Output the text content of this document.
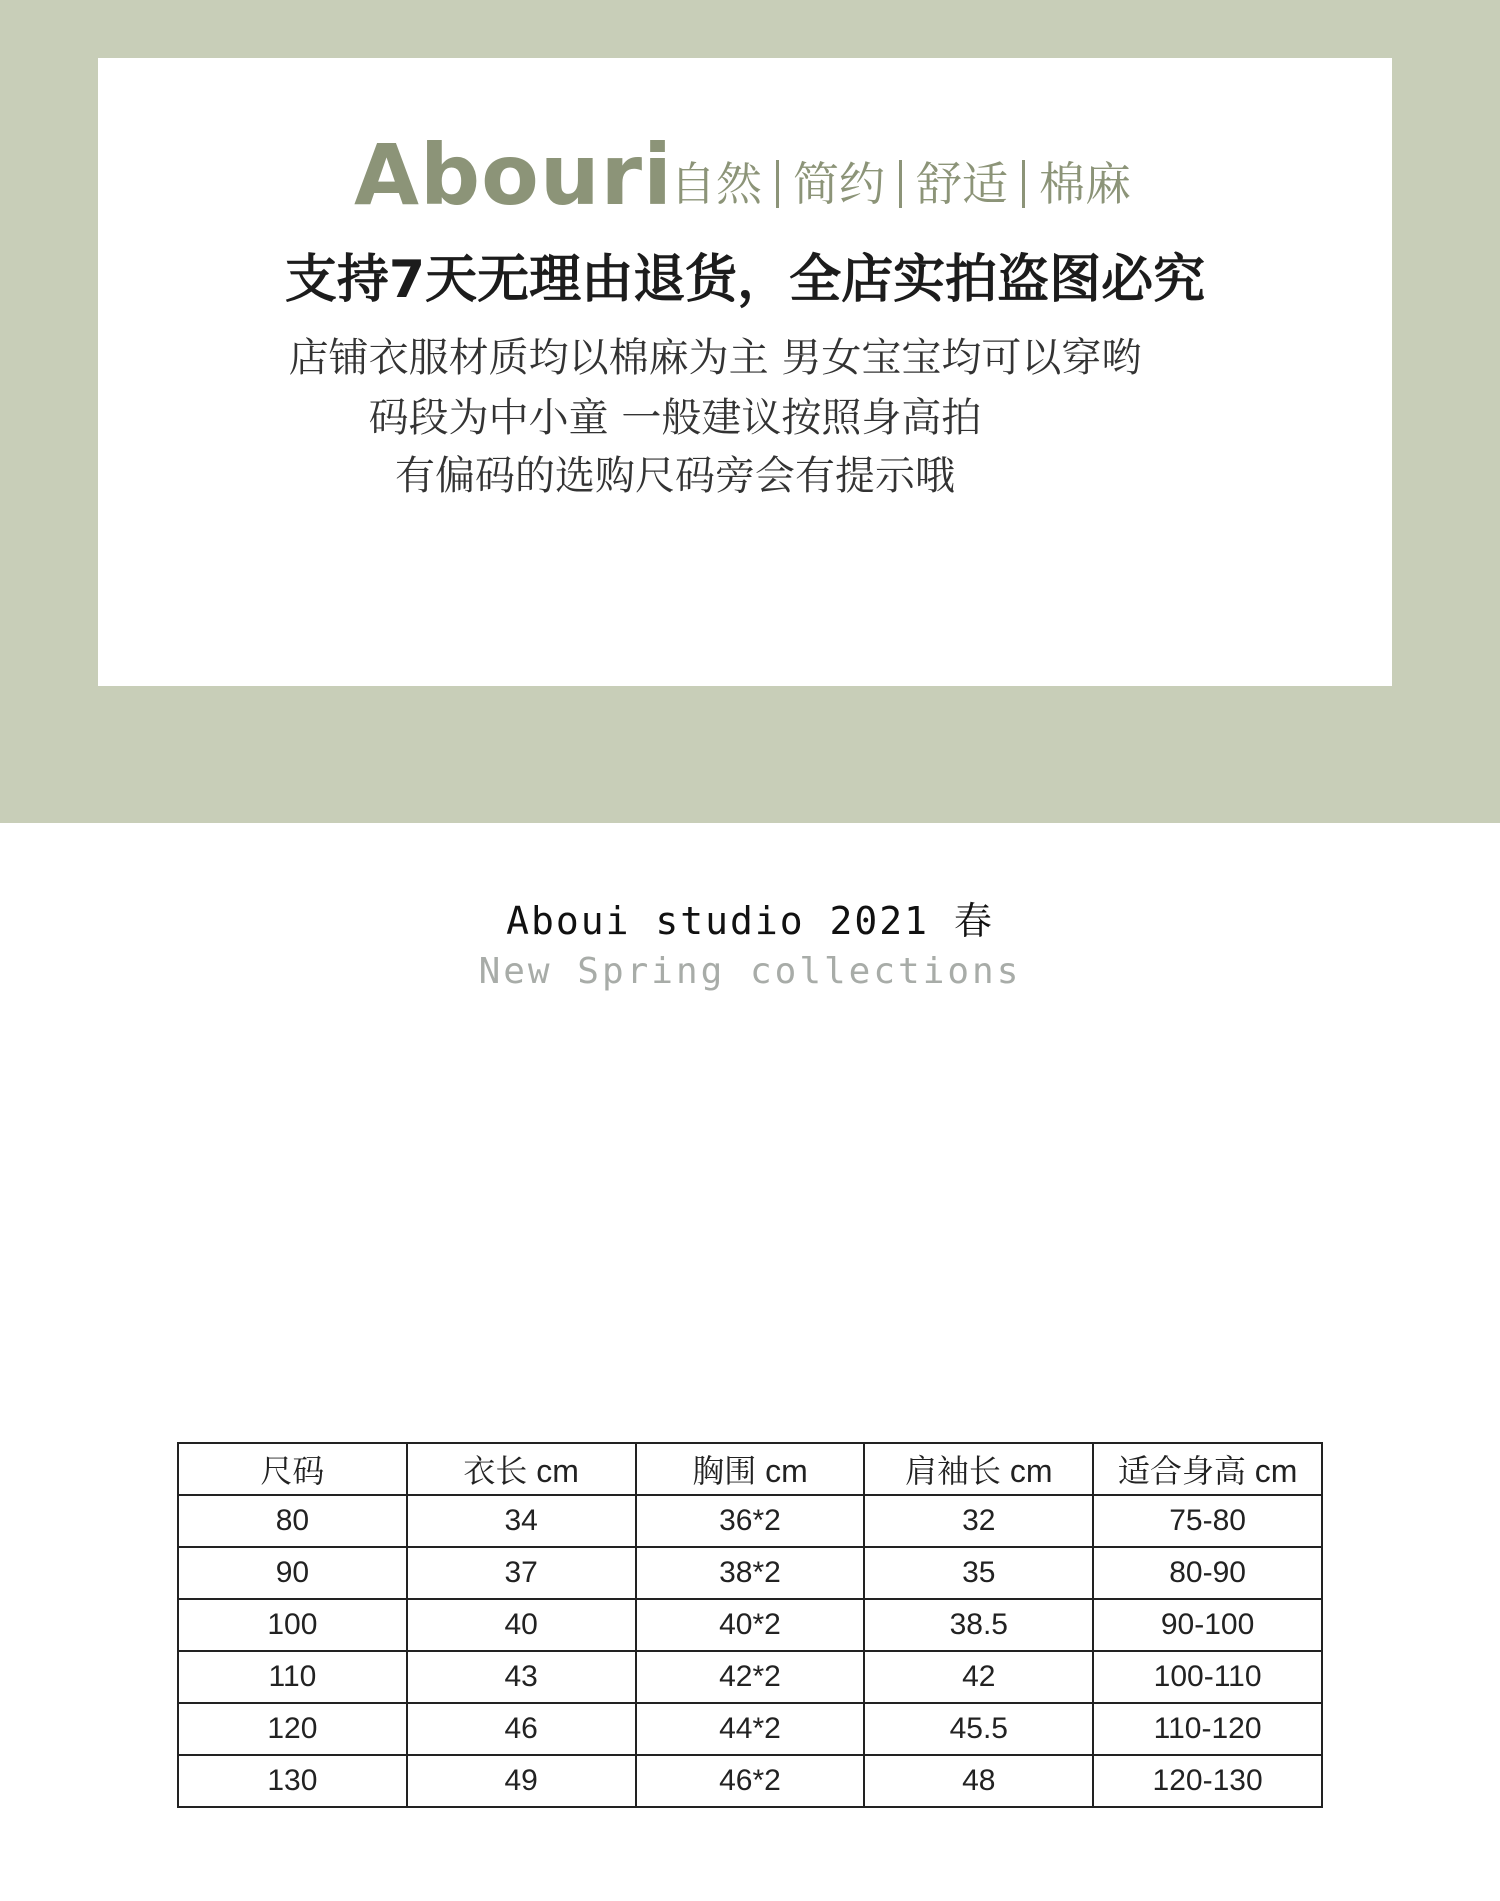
Abouri
自然 简约 舒适 棉麻
支持7天无理由退货，全店实拍盗图必究
店铺衣服材质均以棉麻为主 男女宝宝均可以穿哟
码段为中小童 一般建议按照身高拍
有偏码的选购尺码旁会有提示哦
Aboui studio 2021 春
New Spring collections
尺码	衣长 cm	胸围 cm	肩袖长 cm	适合身高 cm
80	34	36*2	32	75-80
90	37	38*2	35	80-90
100	40	40*2	38.5	90-100
110	43	42*2	42	100-110
120	46	44*2	45.5	110-120
130	49	46*2	48	120-130
